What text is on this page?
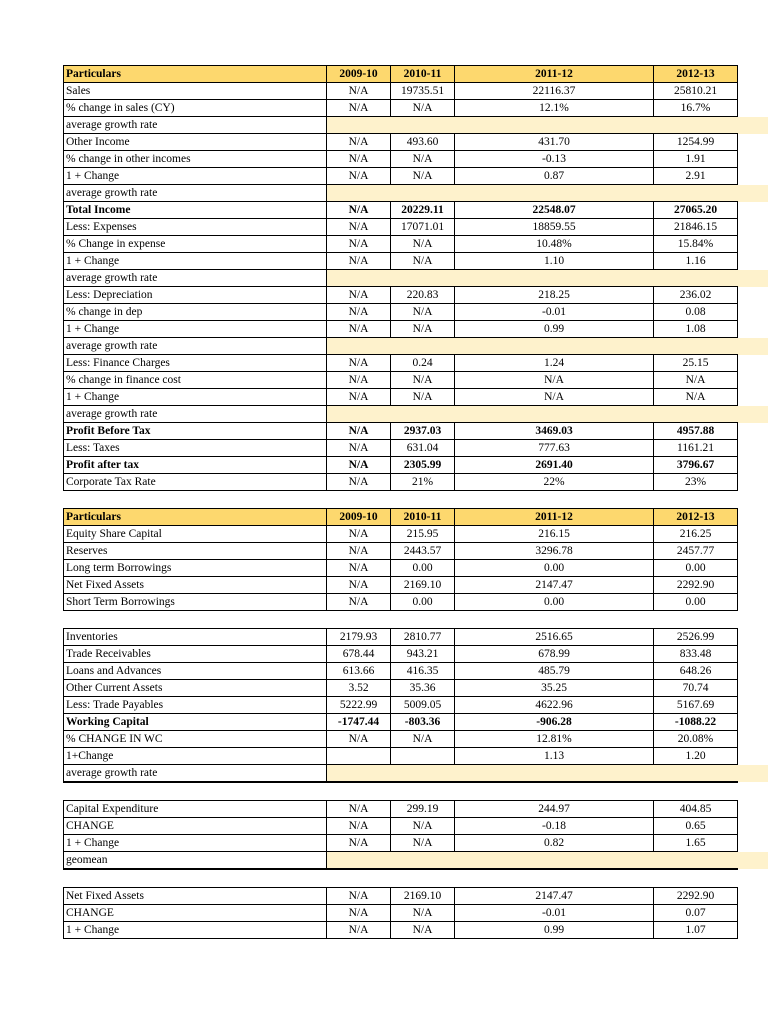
Particulars	2009-10	2010-11	2011-12	2012-13	
Sales	N/A	19735.51	22116.37	25810.21	
% change in sales (CY)	N/A	N/A	12.1%	16.7%	
average growth rate					
Other Income	N/A	493.60	431.70	1254.99	
% change in other incomes	N/A	N/A	-0.13	1.91	
1 + Change	N/A	N/A	0.87	2.91	
average growth rate					
Total Income	N/A	20229.11	22548.07	27065.20	
Less: Expenses	N/A	17071.01	18859.55	21846.15	
% Change in expense	N/A	N/A	10.48%	15.84%	
1 + Change	N/A	N/A	1.10	1.16	
average growth rate					
Less: Depreciation	N/A	220.83	218.25	236.02	
% change in dep	N/A	N/A	-0.01	0.08	
1 + Change	N/A	N/A	0.99	1.08	
average growth rate					
Less: Finance Charges	N/A	0.24	1.24	25.15	
% change in finance cost	N/A	N/A	N/A	N/A	
1 + Change	N/A	N/A	N/A	N/A	
average growth rate					
Profit Before Tax	N/A	2937.03	3469.03	4957.88	
Less: Taxes	N/A	631.04	777.63	1161.21	
Profit after tax	N/A	2305.99	2691.40	3796.67	
Corporate Tax Rate	N/A	21%	22%	23%	
Particulars	2009-10	2010-11	2011-12	2012-13	
Equity Share Capital	N/A	215.95	216.15	216.25	
Reserves	N/A	2443.57	3296.78	2457.77	
Long term Borrowings	N/A	0.00	0.00	0.00	
Net Fixed Assets	N/A	2169.10	2147.47	2292.90	
Short Term Borrowings	N/A	0.00	0.00	0.00	
Inventories	2179.93	2810.77	2516.65	2526.99	
Trade Receivables	678.44	943.21	678.99	833.48	
Loans and Advances	613.66	416.35	485.79	648.26	
Other Current Assets	3.52	35.36	35.25	70.74	
Less: Trade Payables	5222.99	5009.05	4622.96	5167.69	
Working Capital	-1747.44	-803.36	-906.28	-1088.22	
% CHANGE IN WC	N/A	N/A	12.81%	20.08%	
1+Change			1.13	1.20	
average growth rate					
Capital Expenditure	N/A	299.19	244.97	404.85	
CHANGE	N/A	N/A	-0.18	0.65	
1 + Change	N/A	N/A	0.82	1.65	
geomean					
Net Fixed Assets	N/A	2169.10	2147.47	2292.90	
CHANGE	N/A	N/A	-0.01	0.07	
1 + Change	N/A	N/A	0.99	1.07	
